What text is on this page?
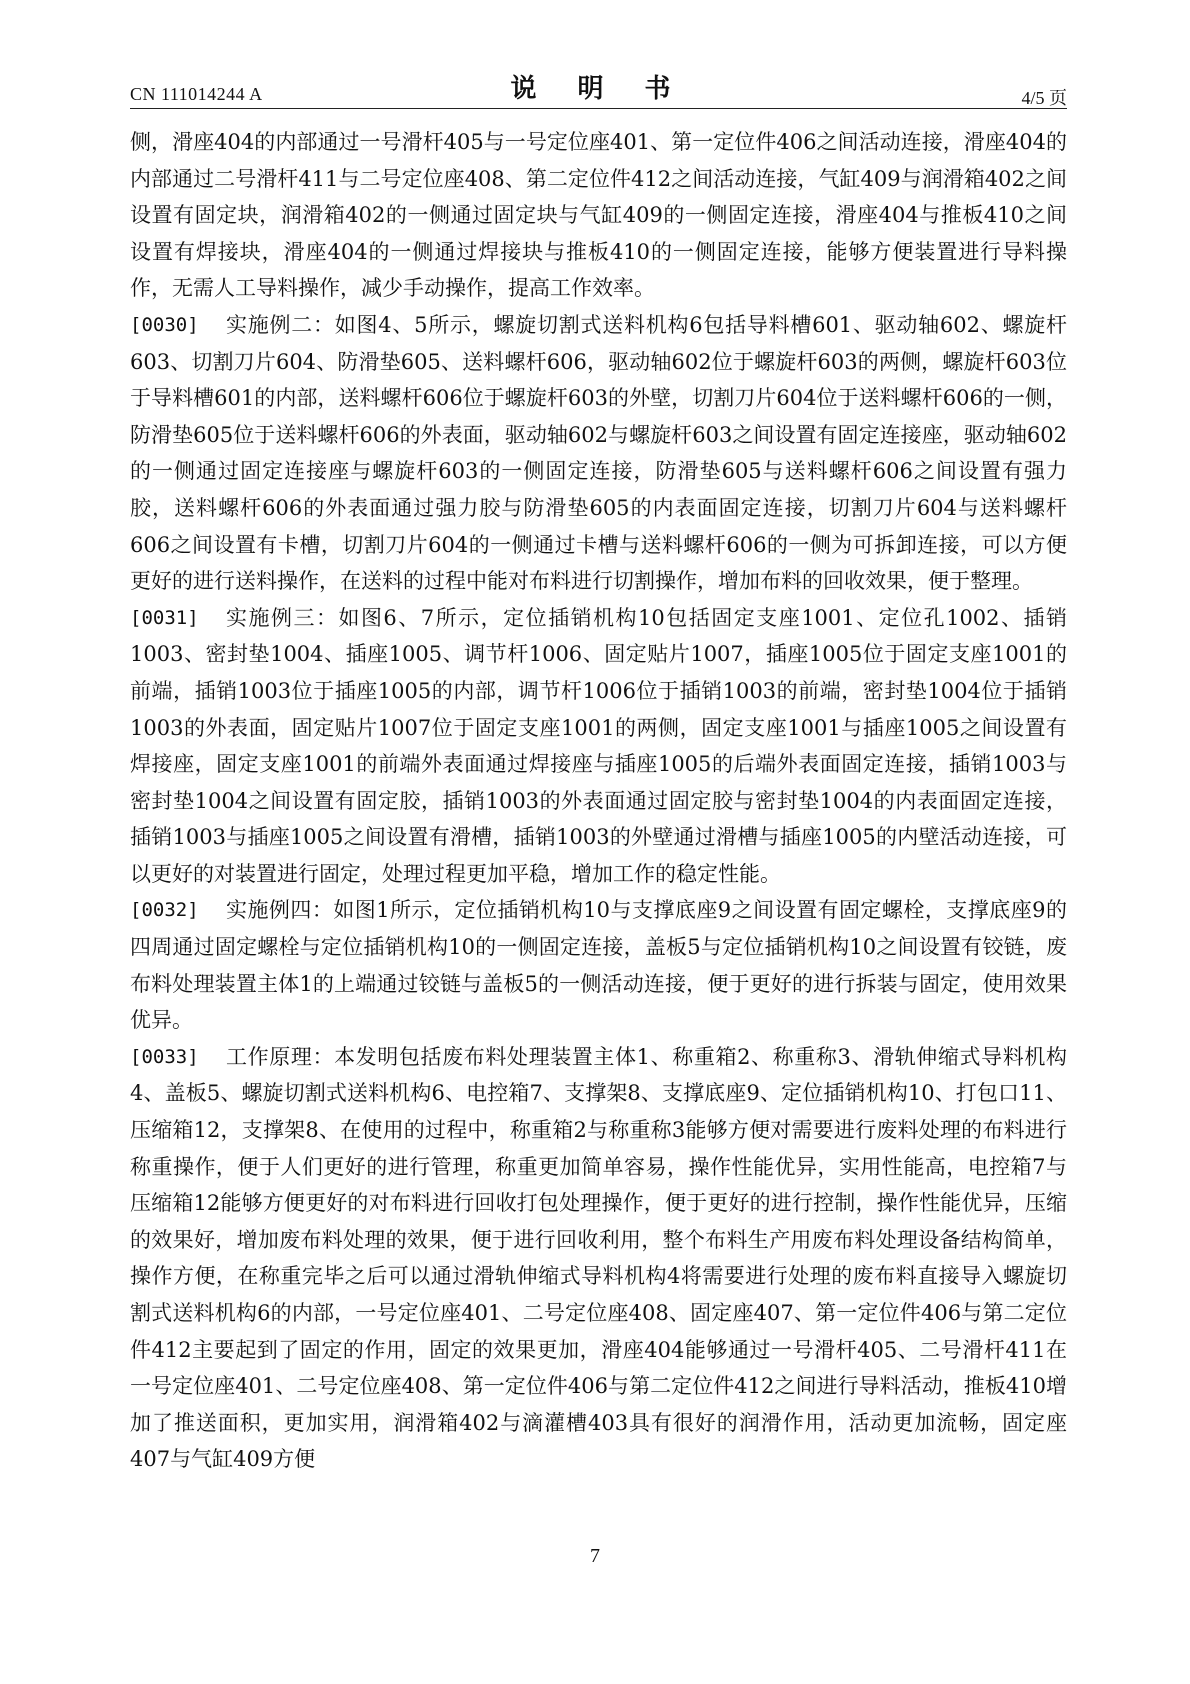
CN 111014244 A	说 明 书	4/5 页

侧，滑座404的内部通过一号滑杆405与一号定位座401、第一定位件406之间活动连接，滑座404的内部通过二号滑杆411与二号定位座408、第二定位件412之间活动连接，气缸409与润滑箱402之间设置有固定块，润滑箱402的一侧通过固定块与气缸409的一侧固定连接，滑座404与推板410之间设置有焊接块，滑座404的一侧通过焊接块与推板410的一侧固定连接，能够方便装置进行导料操作，无需人工导料操作，减少手动操作，提高工作效率。

[0030]	实施例二：如图4、5所示，螺旋切割式送料机构6包括导料槽601、驱动轴602、螺旋杆603、切割刀片604、防滑垫605、送料螺杆606，驱动轴602位于螺旋杆603的两侧，螺旋杆603位于导料槽601的内部，送料螺杆606位于螺旋杆603的外壁，切割刀片604位于送料螺杆606的一侧，防滑垫605位于送料螺杆606的外表面，驱动轴602与螺旋杆603之间设置有固定连接座，驱动轴602的一侧通过固定连接座与螺旋杆603的一侧固定连接，防滑垫605与送料螺杆606之间设置有强力胶，送料螺杆606的外表面通过强力胶与防滑垫605的内表面固定连接，切割刀片604与送料螺杆606之间设置有卡槽，切割刀片604的一侧通过卡槽与送料螺杆606的一侧为可拆卸连接，可以方便更好的进行送料操作，在送料的过程中能对布料进行切割操作，增加布料的回收效果，便于整理。

[0031]	实施例三：如图6、7所示，定位插销机构10包括固定支座1001、定位孔1002、插销1003、密封垫1004、插座1005、调节杆1006、固定贴片1007，插座1005位于固定支座1001的前端，插销1003位于插座1005的内部，调节杆1006位于插销1003的前端，密封垫1004位于插销1003的外表面，固定贴片1007位于固定支座1001的两侧，固定支座1001与插座1005之间设置有焊接座，固定支座1001的前端外表面通过焊接座与插座1005的后端外表面固定连接，插销1003与密封垫1004之间设置有固定胶，插销1003的外表面通过固定胶与密封垫1004的内表面固定连接，插销1003与插座1005之间设置有滑槽，插销1003的外壁通过滑槽与插座1005的内壁活动连接，可以更好的对装置进行固定，处理过程更加平稳，增加工作的稳定性能。

[0032]	实施例四：如图1所示，定位插销机构10与支撑底座9之间设置有固定螺栓，支撑底座9的四周通过固定螺栓与定位插销机构10的一侧固定连接，盖板5与定位插销机构10之间设置有铰链，废布料处理装置主体1的上端通过铰链与盖板5的一侧活动连接，便于更好的进行拆装与固定，使用效果优异。

[0033]	工作原理：本发明包括废布料处理装置主体1、称重箱2、称重称3、滑轨伸缩式导料机构4、盖板5、螺旋切割式送料机构6、电控箱7、支撑架8、支撑底座9、定位插销机构10、打包口11、压缩箱12，支撑架8、在使用的过程中，称重箱2与称重称3能够方便对需要进行废料处理的布料进行称重操作，便于人们更好的进行管理，称重更加简单容易，操作性能优异，实用性能高，电控箱7与压缩箱12能够方便更好的对布料进行回收打包处理操作，便于更好的进行控制，操作性能优异，压缩的效果好，增加废布料处理的效果，便于进行回收利用，整个布料生产用废布料处理设备结构简单，操作方便，在称重完毕之后可以通过滑轨伸缩式导料机构4将需要进行处理的废布料直接导入螺旋切割式送料机构6的内部，一号定位座401、二号定位座408、固定座407、第一定位件406与第二定位件412主要起到了固定的作用，固定的效果更加，滑座404能够通过一号滑杆405、二号滑杆411在一号定位座401、二号定位座408、第一定位件406与第二定位件412之间进行导料活动，推板410增加了推送面积，更加实用，润滑箱402与滴灌槽403具有很好的润滑作用，活动更加流畅，固定座407与气缸409方便

7
